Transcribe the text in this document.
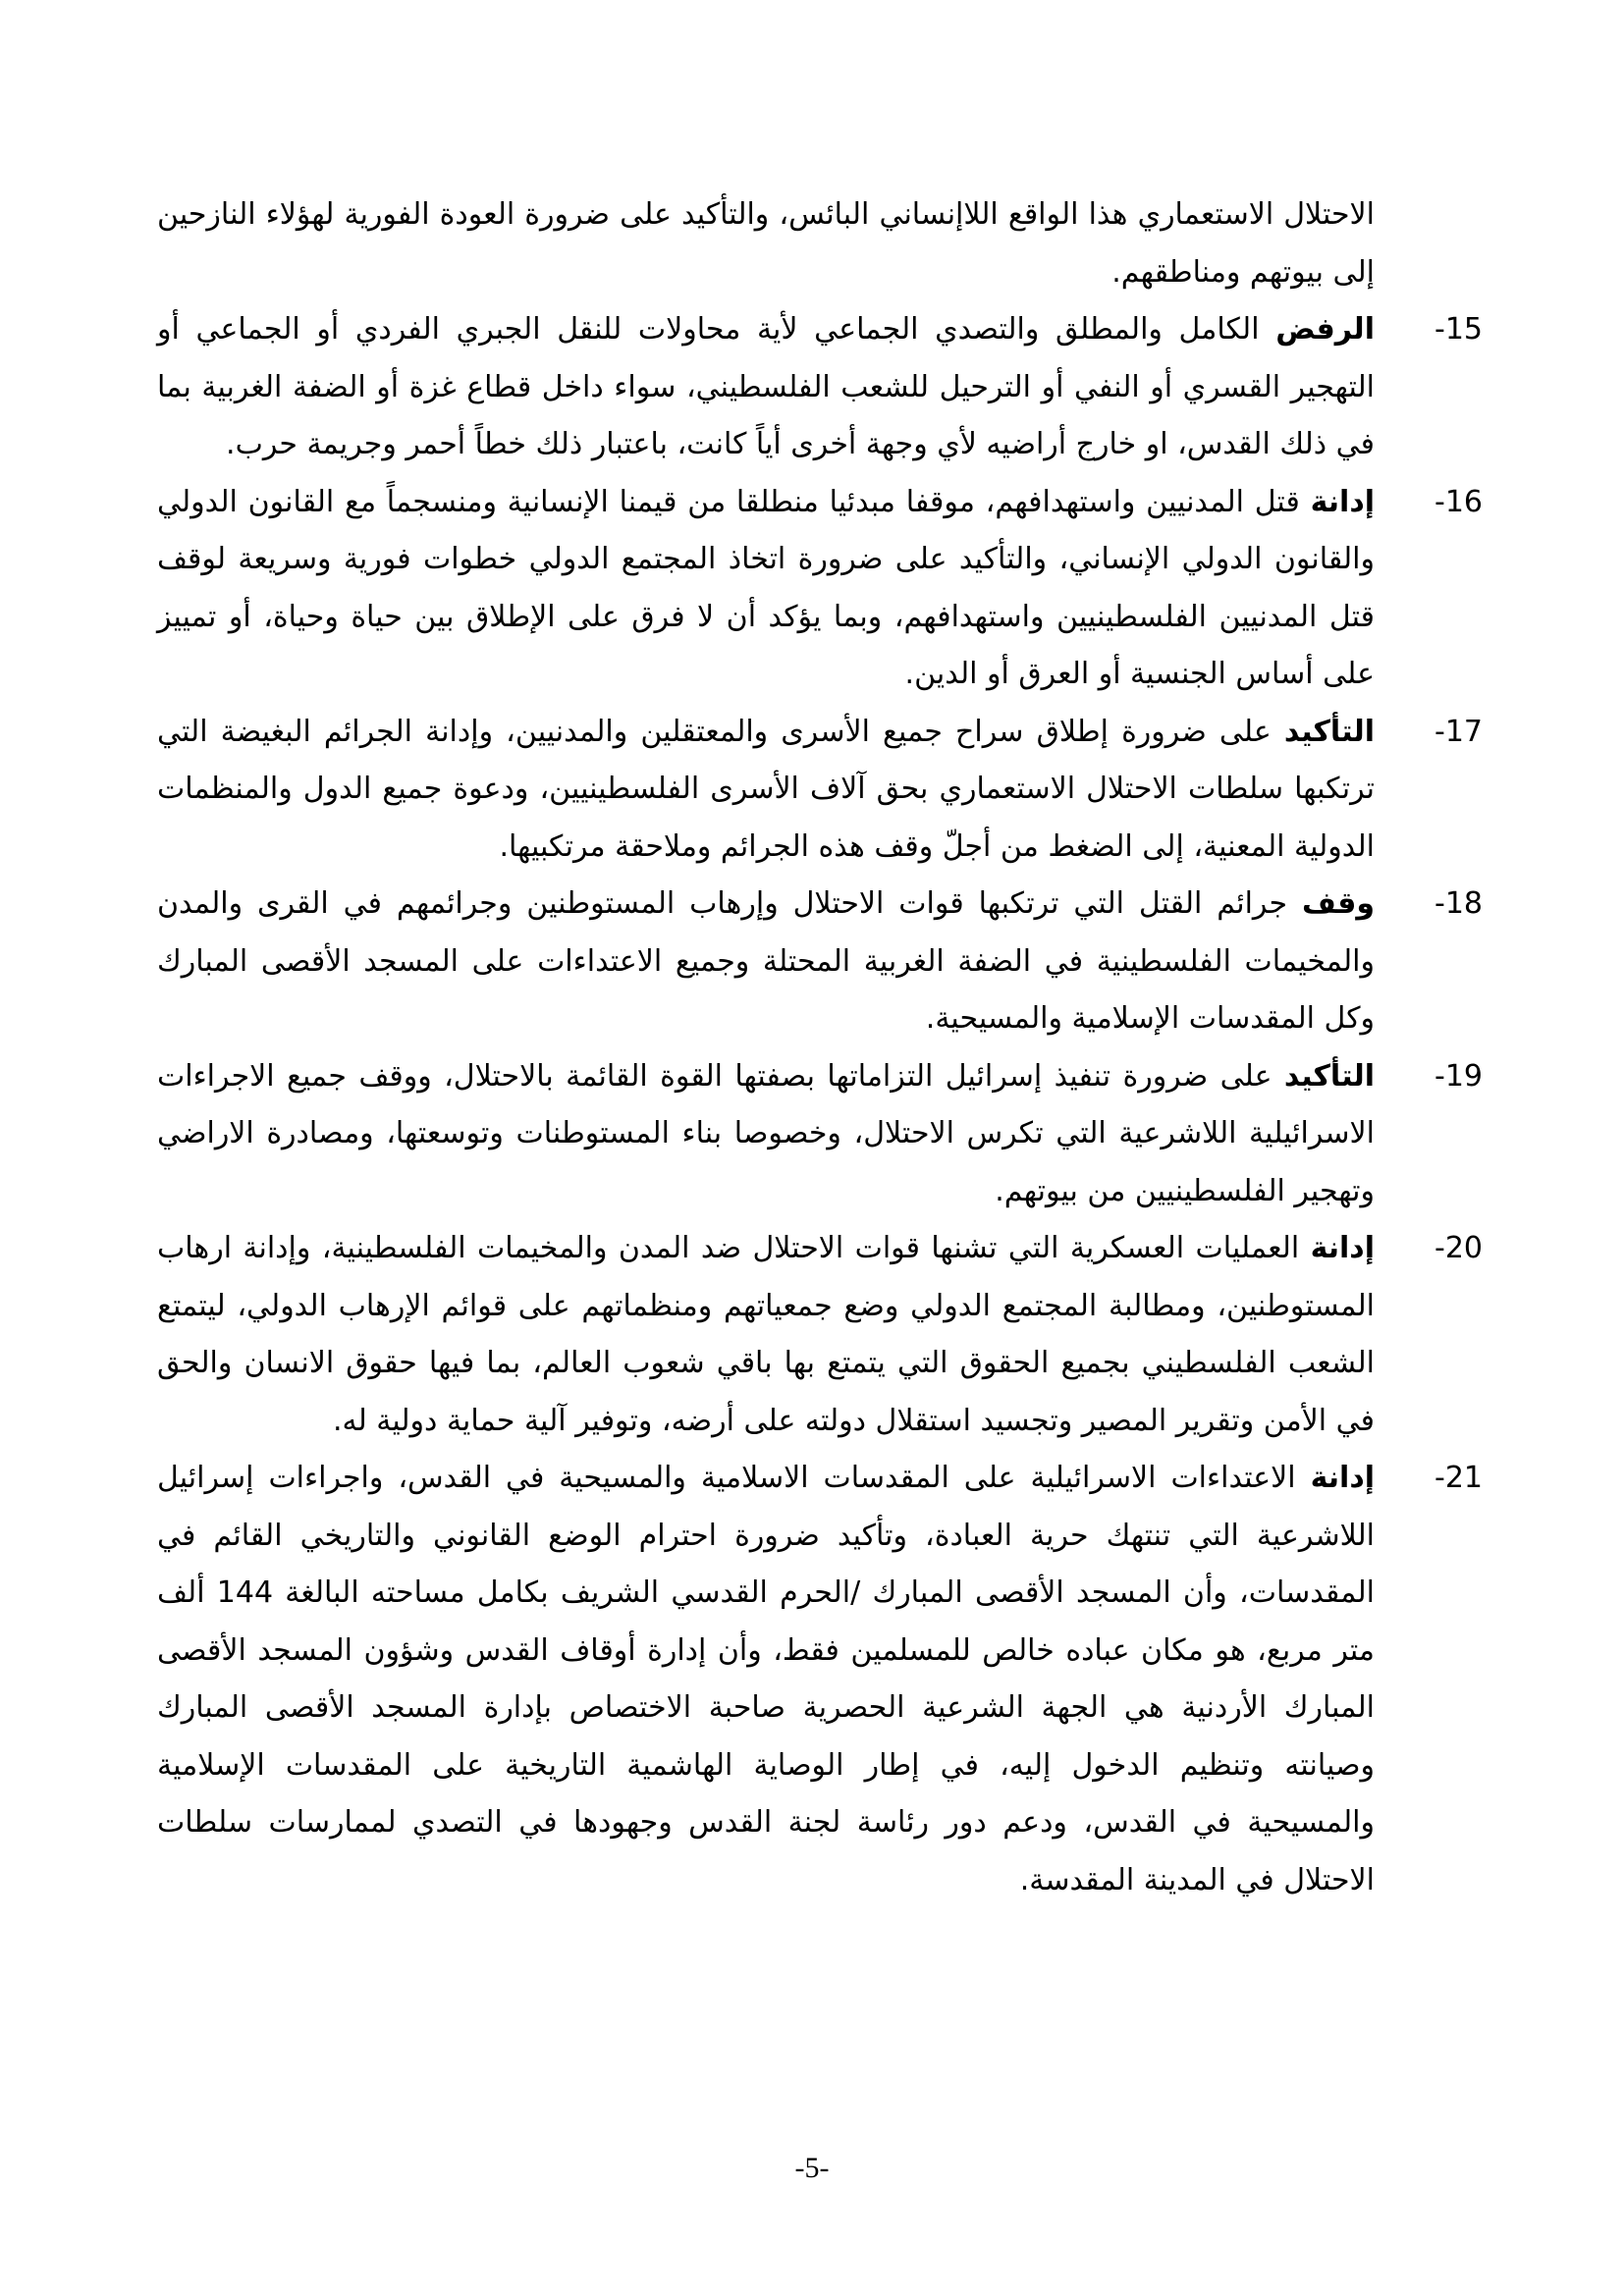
الاحتلال الاستعماري هذا الواقع اللاإنساني البائس، والتأكيد على ضرورة العودة الفورية لهؤلاء النازحين إلى بيوتهم ومناطقهم.

15-
الرفض الكامل والمطلق والتصدي الجماعي لأية محاولات للنقل الجبري الفردي أو الجماعي أو التهجير القسري أو النفي أو الترحيل للشعب الفلسطيني، سواء داخل قطاع غزة أو الضفة الغربية بما في ذلك القدس، او خارج أراضيه لأي وجهة أخرى أياً كانت، باعتبار ذلك خطاً أحمر وجريمة حرب.
16-
إدانة قتل المدنيين واستهدافهم، موقفا مبدئيا منطلقا من قيمنا الإنسانية ومنسجماً مع القانون الدولي والقانون الدولي الإنساني، والتأكيد على ضرورة اتخاذ المجتمع الدولي خطوات فورية وسريعة لوقف قتل المدنيين الفلسطينيين واستهدافهم، وبما يؤكد أن لا فرق على الإطلاق بين حياة وحياة، أو تمييز على أساس الجنسية أو العرق أو الدين.
17-
التأكيد على ضرورة إطلاق سراح جميع الأسرى والمعتقلين والمدنيين، وإدانة الجرائم البغيضة التي ترتكبها سلطات الاحتلال الاستعماري بحق آلاف الأسرى الفلسطينيين، ودعوة جميع الدول والمنظمات الدولية المعنية، إلى الضغط من أجلّ وقف هذه الجرائم وملاحقة مرتكبيها.
18-
وقف جرائم القتل التي ترتكبها قوات الاحتلال وإرهاب المستوطنين وجرائمهم في القرى والمدن والمخيمات الفلسطينية في الضفة الغربية المحتلة وجميع الاعتداءات على المسجد الأقصى المبارك وكل المقدسات الإسلامية والمسيحية.
19-
التأكيد على ضرورة تنفيذ إسرائيل التزاماتها بصفتها القوة القائمة بالاحتلال، ووقف جميع الاجراءات الاسرائيلية اللاشرعية التي تكرس الاحتلال، وخصوصا بناء المستوطنات وتوسعتها، ومصادرة الاراضي وتهجير الفلسطينيين من بيوتهم.
20-
إدانة العمليات العسكرية التي تشنها قوات الاحتلال ضد المدن والمخيمات الفلسطينية، وإدانة ارهاب المستوطنين، ومطالبة المجتمع الدولي وضع جمعياتهم ومنظماتهم على قوائم الإرهاب الدولي، ليتمتع الشعب الفلسطيني بجميع الحقوق التي يتمتع بها باقي شعوب العالم، بما فيها حقوق الانسان والحق في الأمن وتقرير المصير وتجسيد استقلال دولته على أرضه، وتوفير آلية حماية دولية له.
21-
إدانة الاعتداءات الاسرائيلية على المقدسات الاسلامية والمسيحية في القدس، واجراءات إسرائيل اللاشرعية التي تنتهك حرية العبادة، وتأكيد ضرورة احترام الوضع القانوني والتاريخي القائم في المقدسات، وأن المسجد الأقصى المبارك /الحرم القدسي الشريف بكامل مساحته البالغة 144 ألف متر مربع، هو مكان عباده خالص للمسلمين فقط، وأن إدارة أوقاف القدس وشؤون المسجد الأقصى المبارك الأردنية هي الجهة الشرعية الحصرية صاحبة الاختصاص بإدارة المسجد الأقصى المبارك وصيانته وتنظيم الدخول إليه، في إطار الوصاية الهاشمية التاريخية على المقدسات الإسلامية والمسيحية في القدس، ودعم دور رئاسة لجنة القدس وجهودها في التصدي لممارسات سلطات الاحتلال في المدينة المقدسة.
-5-
